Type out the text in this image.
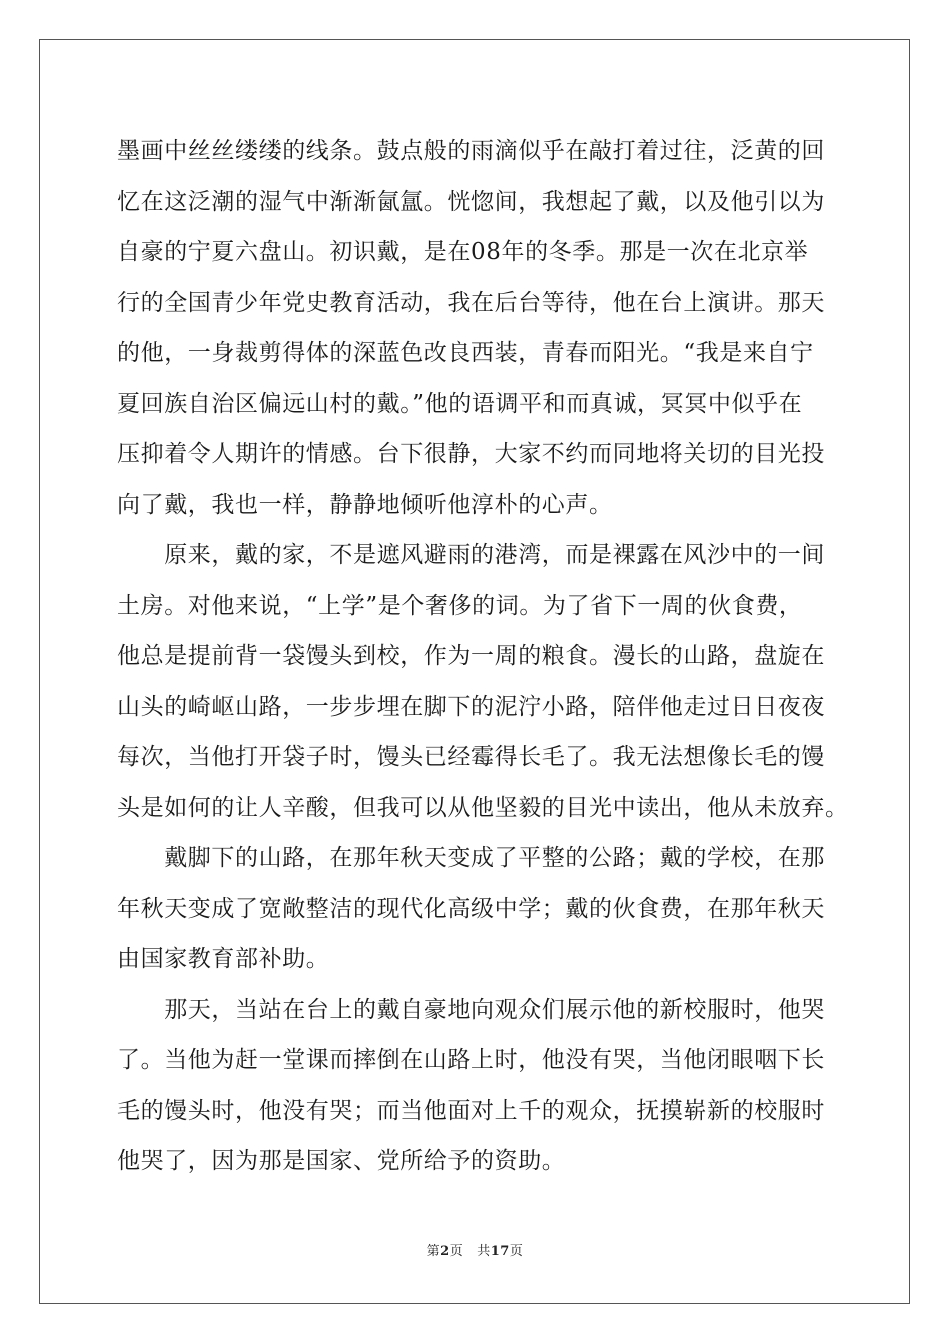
墨画中丝丝缕缕的线条。鼓点般的雨滴似乎在敲打着过往，泛黄的回
忆在这泛潮的湿气中渐渐氤氲。恍惚间，我想起了戴，以及他引以为
自豪的宁夏六盘山。初识戴，是在08年的冬季。那是一次在北京举
行的全国青少年党史教育活动，我在后台等待，他在台上演讲。那天
的他，一身裁剪得体的深蓝色改良西装，青春而阳光。“我是来自宁
夏回族自治区偏远山村的戴。”他的语调平和而真诚，冥冥中似乎在
压抑着令人期许的情感。台下很静，大家不约而同地将关切的目光投
向了戴，我也一样，静静地倾听他淳朴的心声。
　　原来，戴的家，不是遮风避雨的港湾，而是裸露在风沙中的一间
土房。对他来说，“上学”是个奢侈的词。为了省下一周的伙食费，
他总是提前背一袋馒头到校，作为一周的粮食。漫长的山路，盘旋在
山头的崎岖山路，一步步埋在脚下的泥泞小路，陪伴他走过日日夜夜
每次，当他打开袋子时，馒头已经霉得长毛了。我无法想像长毛的馒
头是如何的让人辛酸，但我可以从他坚毅的目光中读出，他从未放弃。
　　戴脚下的山路，在那年秋天变成了平整的公路；戴的学校，在那
年秋天变成了宽敞整洁的现代化高级中学；戴的伙食费，在那年秋天
由国家教育部补助。
　　那天，当站在台上的戴自豪地向观众们展示他的新校服时，他哭
了。当他为赶一堂课而摔倒在山路上时，他没有哭，当他闭眼咽下长
毛的馒头时，他没有哭；而当他面对上千的观众，抚摸崭新的校服时
他哭了，因为那是国家、党所给予的资助。
第2页 共17页
